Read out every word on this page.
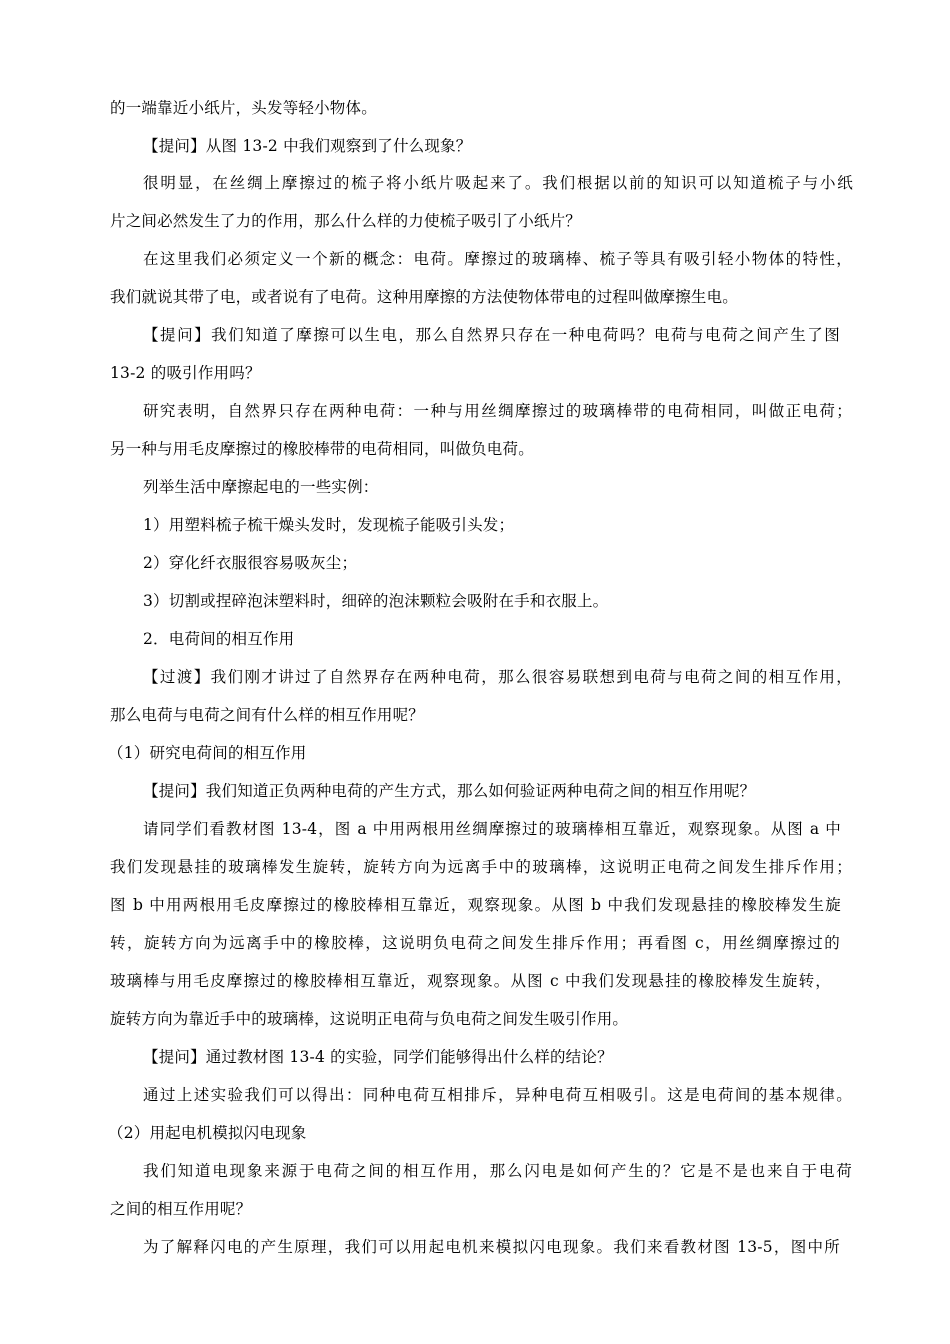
的一端靠近小纸片，头发等轻小物体。
【提问】从图 13-2 中我们观察到了什么现象？
很明显，在丝绸上摩擦过的梳子将小纸片吸起来了。我们根据以前的知识可以知道梳子与小纸
片之间必然发生了力的作用，那么什么样的力使梳子吸引了小纸片？
在这里我们必须定义一个新的概念：电荷。摩擦过的玻璃棒、梳子等具有吸引轻小物体的特性，
我们就说其带了电，或者说有了电荷。这种用摩擦的方法使物体带电的过程叫做摩擦生电。
【提问】我们知道了摩擦可以生电，那么自然界只存在一种电荷吗？电荷与电荷之间产生了图
13-2 的吸引作用吗？
研究表明，自然界只存在两种电荷：一种与用丝绸摩擦过的玻璃棒带的电荷相同，叫做正电荷；
另一种与用毛皮摩擦过的橡胶棒带的电荷相同，叫做负电荷。
列举生活中摩擦起电的一些实例：
1）用塑料梳子梳干燥头发时，发现梳子能吸引头发；
2）穿化纤衣服很容易吸灰尘；
3）切割或捏碎泡沫塑料时，细碎的泡沫颗粒会吸附在手和衣服上。
2．电荷间的相互作用
【过渡】我们刚才讲过了自然界存在两种电荷，那么很容易联想到电荷与电荷之间的相互作用，
那么电荷与电荷之间有什么样的相互作用呢？
（1）研究电荷间的相互作用
【提问】我们知道正负两种电荷的产生方式，那么如何验证两种电荷之间的相互作用呢？
请同学们看教材图 13-4，图 a 中用两根用丝绸摩擦过的玻璃棒相互靠近，观察现象。从图 a 中
我们发现悬挂的玻璃棒发生旋转，旋转方向为远离手中的玻璃棒，这说明正电荷之间发生排斥作用；
图 b 中用两根用毛皮摩擦过的橡胶棒相互靠近，观察现象。从图 b 中我们发现悬挂的橡胶棒发生旋
转，旋转方向为远离手中的橡胶棒，这说明负电荷之间发生排斥作用；再看图 c，用丝绸摩擦过的
玻璃棒与用毛皮摩擦过的橡胶棒相互靠近，观察现象。从图 c 中我们发现悬挂的橡胶棒发生旋转，
旋转方向为靠近手中的玻璃棒，这说明正电荷与负电荷之间发生吸引作用。
【提问】通过教材图 13-4 的实验，同学们能够得出什么样的结论？
通过上述实验我们可以得出：同种电荷互相排斥，异种电荷互相吸引。这是电荷间的基本规律。
（2）用起电机模拟闪电现象
我们知道电现象来源于电荷之间的相互作用，那么闪电是如何产生的？它是不是也来自于电荷
之间的相互作用呢？
为了解释闪电的产生原理，我们可以用起电机来模拟闪电现象。我们来看教材图 13-5，图中所
